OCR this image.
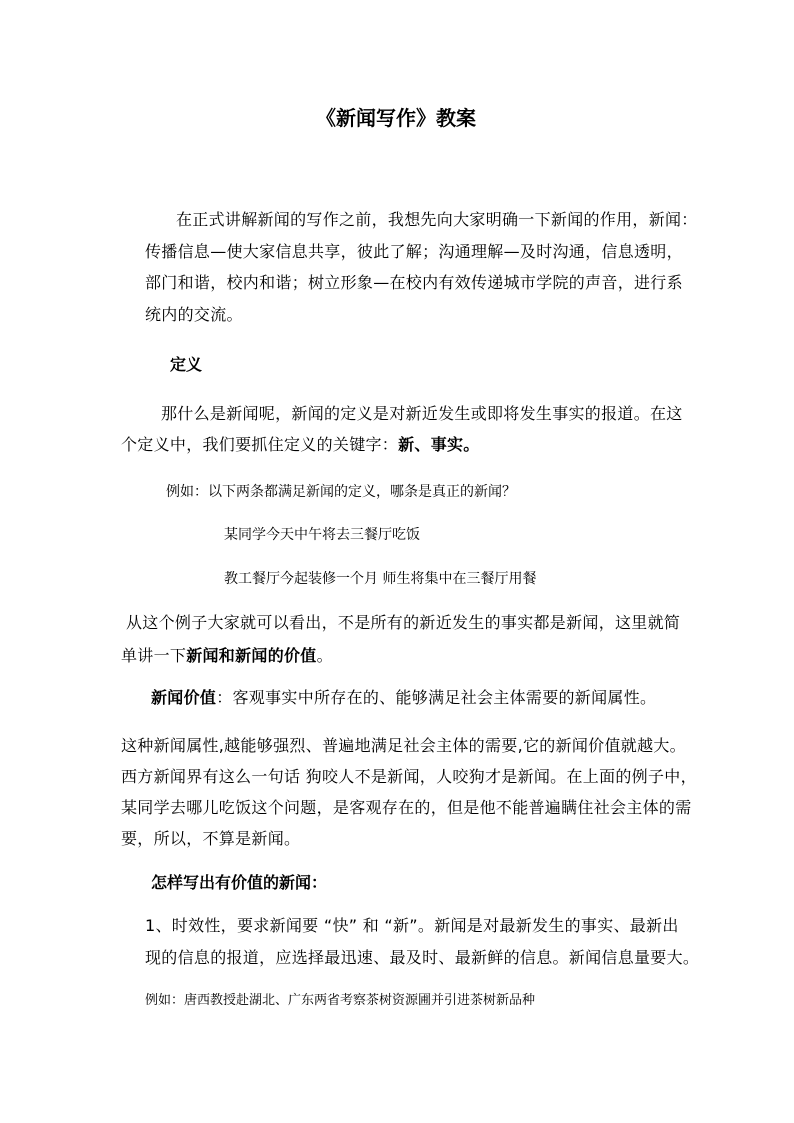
《新闻写作》教案
在正式讲解新闻的写作之前，我想先向大家明确一下新闻的作用，新闻：
传播信息—使大家信息共享，彼此了解；沟通理解—及时沟通，信息透明，
部门和谐，校内和谐；树立形象—在校内有效传递城市学院的声音，进行系
统内的交流。
定义
那什么是新闻呢，新闻的定义是对新近发生或即将发生事实的报道。在这
个定义中，我们要抓住定义的关键字：新、事实。
例如：以下两条都满足新闻的定义，哪条是真正的新闻？
某同学今天中午将去三餐厅吃饭
教工餐厅今起装修一个月 师生将集中在三餐厅用餐
从这个例子大家就可以看出，不是所有的新近发生的事实都是新闻，这里就简
单讲一下新闻和新闻的价值。
新闻价值：客观事实中所存在的、能够满足社会主体需要的新闻属性。
这种新闻属性,越能够强烈、普遍地满足社会主体的需要,它的新闻价值就越大。
西方新闻界有这么一句话 狗咬人不是新闻，人咬狗才是新闻。在上面的例子中，
某同学去哪儿吃饭这个问题，是客观存在的，但是他不能普遍瞒住社会主体的需
要，所以，不算是新闻。
怎样写出有价值的新闻：
1、时效性，要求新闻要 “快” 和 “新”。新闻是对最新发生的事实、最新出
现的信息的报道，应选择最迅速、最及时、最新鲜的信息。新闻信息量要大。
例如：唐西教授赴湖北、广东两省考察茶树资源圃并引进茶树新品种
